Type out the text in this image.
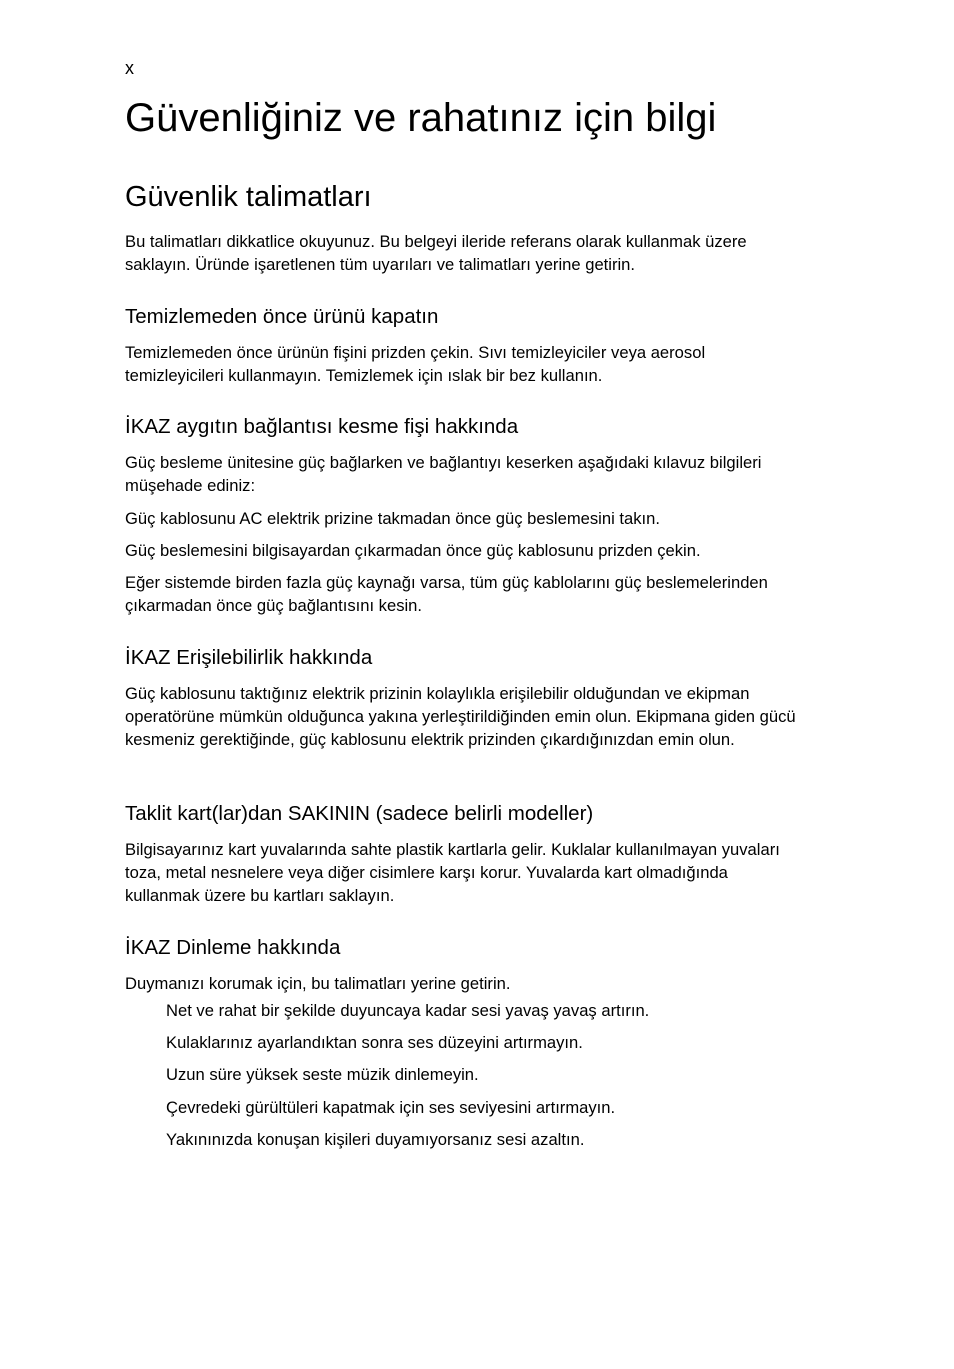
x
Güvenliğiniz ve rahatınız için bilgi
Güvenlik talimatları

Bu talimatları dikkatlice okuyunuz. Bu belgeyi ileride referans olarak kullanmak üzere saklayın. Üründe işaretlenen tüm uyarıları ve talimatları yerine getirin.

Temizlemeden önce ürünü kapatın

Temizlemeden önce ürünün fişini prizden çekin. Sıvı temizleyiciler veya aerosol temizleyicileri kullanmayın. Temizlemek için ıslak bir bez kullanın.

İKAZ aygıtın bağlantısı kesme fişi hakkında

Güç besleme ünitesine güç bağlarken ve bağlantıyı keserken aşağıdaki kılavuz bilgileri müşehade ediniz:

Güç kablosunu AC elektrik prizine takmadan önce güç beslemesini takın.

Güç beslemesini bilgisayardan çıkarmadan önce güç kablosunu prizden çekin.

Eğer sistemde birden fazla güç kaynağı varsa, tüm güç kablolarını güç beslemelerinden çıkarmadan önce güç bağlantısını kesin.

İKAZ Erişilebilirlik hakkında

Güç kablosunu taktığınız elektrik prizinin kolaylıkla erişilebilir olduğundan ve ekipman operatörüne mümkün olduğunca yakına yerleştirildiğinden emin olun. Ekipmana giden gücü kesmeniz gerektiğinde, güç kablosunu elektrik prizinden çıkardığınızdan emin olun.

Taklit kart(lar)dan SAKININ (sadece belirli modeller)

Bilgisayarınız kart yuvalarında sahte plastik kartlarla gelir. Kuklalar kullanılmayan yuvaları toza, metal nesnelere veya diğer cisimlere karşı korur. Yuvalarda kart olmadığında kullanmak üzere bu kartları saklayın.

İKAZ Dinleme hakkında

Duymanızı korumak için, bu talimatları yerine getirin.

Net ve rahat bir şekilde duyuncaya kadar sesi yavaş yavaş artırın.

Kulaklarınız ayarlandıktan sonra ses düzeyini artırmayın.

Uzun süre yüksek seste müzik dinlemeyin.

Çevredeki gürültüleri kapatmak için ses seviyesini artırmayın.

Yakınınızda konuşan kişileri duyamıyorsanız sesi azaltın.
